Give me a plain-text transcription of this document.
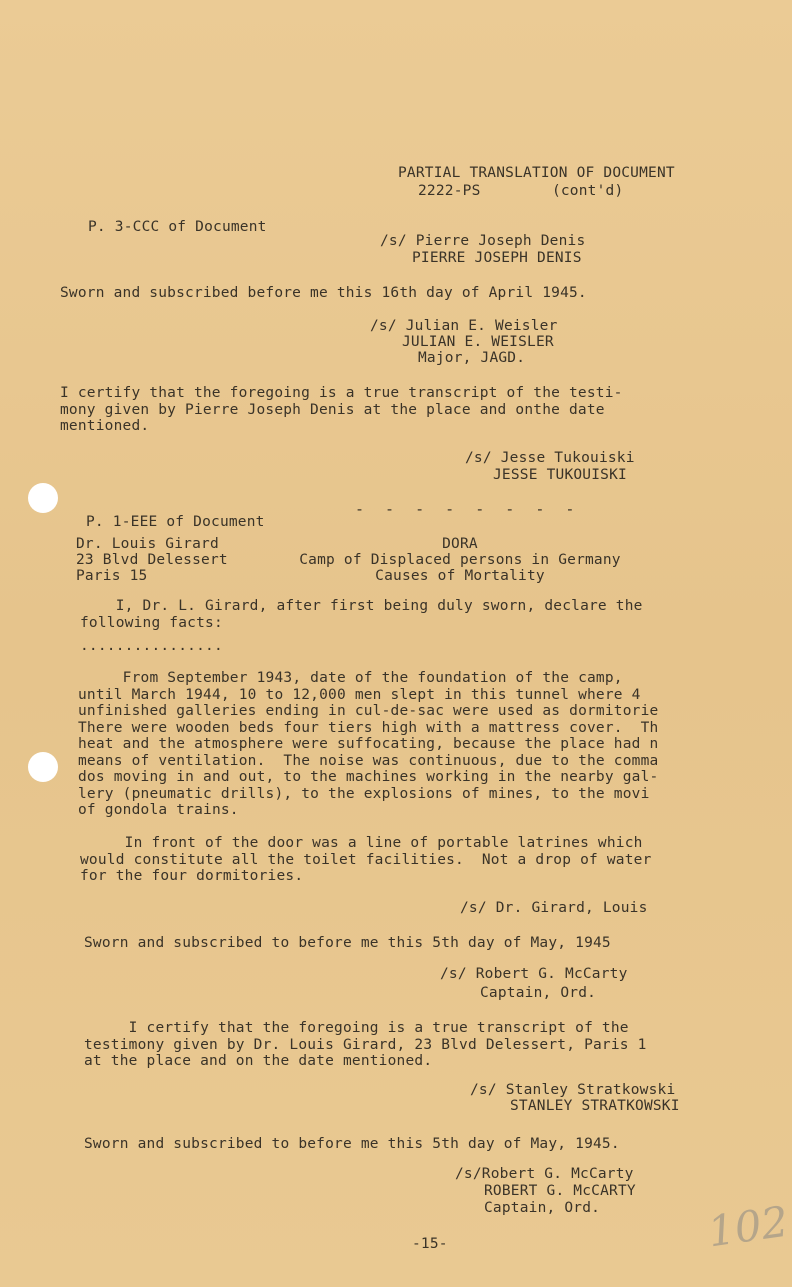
PARTIAL TRANSLATION OF DOCUMENT
2222-PS        (cont'd)
P. 3-CCC of Document
/s/ Pierre Joseph Denis
PIERRE JOSEPH DENIS
Sworn and subscribed before me this 16th day of April 1945.
/s/ Julian E. Weisler
JULIAN E. WEISLER
Major, JAGD.
I certify that the foregoing is a true transcript of the testi-
mony given by Pierre Joseph Denis at the place and onthe date
mentioned.
/s/ Jesse Tukouiski
JESSE TUKOUISKI
- - - - - - - -
P. 1-EEE of Document
Dr. Louis Girard
23 Blvd Delessert
Paris 15
DORA
Camp of Displaced persons in Germany
Causes of Mortality
I, Dr. L. Girard, after first being duly sworn, declare the
following facts:
................
From September 1943, date of the foundation of the camp,
until March 1944, 10 to 12,000 men slept in this tunnel where 4
unfinished galleries ending in cul-de-sac were used as dormitorie
There were wooden beds four tiers high with a mattress cover.  Th
heat and the atmosphere were suffocating, because the place had n
means of ventilation.  The noise was continuous, due to the comma
dos moving in and out, to the machines working in the nearby gal-
lery (pneumatic drills), to the explosions of mines, to the movi
of gondola trains.
In front of the door was a line of portable latrines which
would constitute all the toilet facilities.  Not a drop of water
for the four dormitories.
/s/ Dr. Girard, Louis
Sworn and subscribed to before me this 5th day of May, 1945
/s/ Robert G. McCarty
Captain, Ord.
I certify that the foregoing is a true transcript of the
testimony given by Dr. Louis Girard, 23 Blvd Delessert, Paris 1
at the place and on the date mentioned.
/s/ Stanley Stratkowski
STANLEY STRATKOWSKI
Sworn and subscribed to before me this 5th day of May, 1945.
/s/Robert G. McCarty
ROBERT G. McCARTY
Captain, Ord.
-15-	102
